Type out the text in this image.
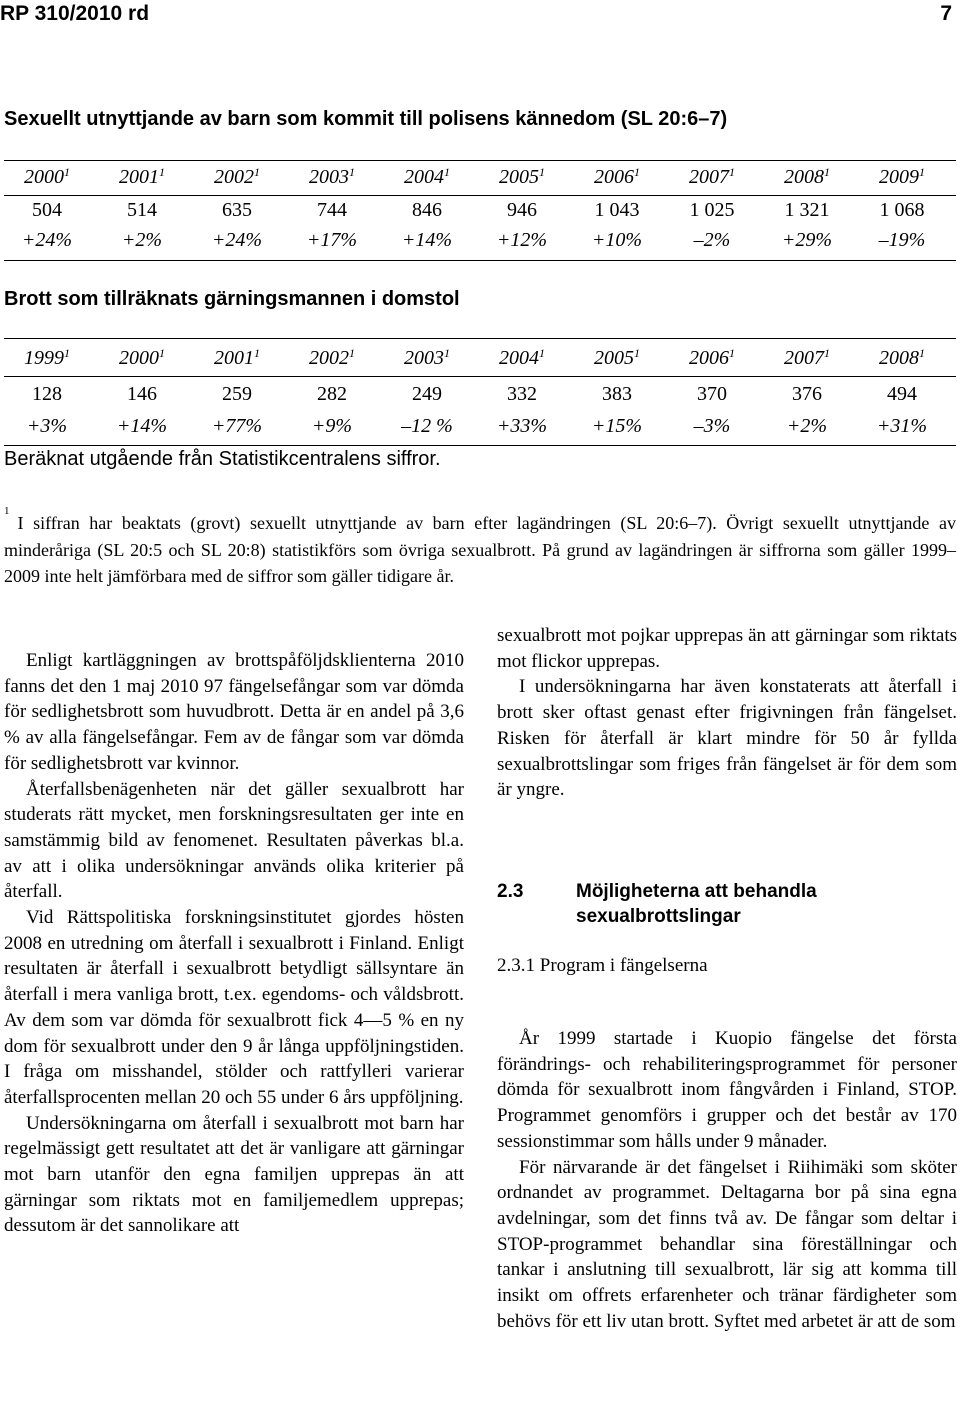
RP 310/2010 rd	7
Sexuellt utnyttjande av barn som kommit till polisens kännedom (SL 20:6–7)
2000$^1$	2001$^1$	2002$^1$	2003$^1$	2004$^1$	2005$^1$	2006$^1$	2007$^1$	2008$^1$	2009$^1$
504	514	635	744	846	946	1 043	1 025	1 321	1 068
+24%	+2%	+24%	+17%	+14%	+12%	+10%	–2%	+29%	–19%
Brott som tillräknats gärningsmannen i domstol
1999$^1$	2000$^1$	2001$^1$	2002$^1$	2003$^1$	2004$^1$	2005$^1$	2006$^1$	2007$^1$	2008$^1$
128	146	259	282	249	332	383	370	376	494
+3%	+14%	+77%	+9%	–12 %	+33%	+15%	–3%	+2%	+31%
Beräknat utgående från Statistikcentralens siffror.
$^1$I siffran har beaktats (grovt) sexuellt utnyttjande av barn efter lagändringen (SL 20:6–7). Övrigt sexuellt utnyttjande av minderåriga (SL 20:5 och SL 20:8) statistikförs som övriga sexualbrott. På grund av lagändringen är siffrorna som gäller 1999–2009 inte helt jämförbara med de siffror som gäller tidigare år.

Enligt kartläggningen av brottspåföljdsklienterna 2010 fanns det den 1 maj 2010 97 fängelsefångar som var dömda för sedlighetsbrott som huvudbrott. Detta är en andel på 3,6 % av alla fängelsefångar. Fem av de fångar som var dömda för sedlighetsbrott var kvinnor.

Återfallsbenägenheten när det gäller sexualbrott har studerats rätt mycket, men forskningsresultaten ger inte en samstämmig bild av fenomenet. Resultaten påverkas bl.a. av att i olika undersökningar används olika kriterier på återfall.

Vid Rättspolitiska forskningsinstitutet gjordes hösten 2008 en utredning om återfall i sexualbrott i Finland. Enligt resultaten är återfall i sexualbrott betydligt sällsyntare än återfall i mera vanliga brott, t.ex. egendoms- och våldsbrott. Av dem som var dömda för sexualbrott fick 4—5 % en ny dom för sexualbrott under den 9 år långa uppföljningstiden. I fråga om misshandel, stölder och rattfylleri varierar återfallsprocenten mellan 20 och 55 under 6 års uppföljning.

Undersökningarna om återfall i sexualbrott mot barn har regelmässigt gett resultatet att det är vanligare att gärningar mot barn utanför den egna familjen upprepas än att gärningar som riktats mot en familjemedlem upprepas; dessutom är det sannolikare att

sexualbrott mot pojkar upprepas än att gärningar som riktats mot flickor upprepas.

I undersökningarna har även konstaterats att återfall i brott sker oftast genast efter frigivningen från fängelset. Risken för återfall är klart mindre för 50 år fyllda sexualbrottslingar som friges från fängelset är för dem som är yngre.

2.3	Möjligheterna att behandla sexualbrottslingar
2.3.1 Program i fängelserna

År 1999 startade i Kuopio fängelse det första förändrings- och rehabiliteringsprogrammet för personer dömda för sexualbrott inom fångvården i Finland, STOP. Programmet genomförs i grupper och det består av 170 sessionstimmar som hålls under 9 månader.

För närvarande är det fängelset i Riihimäki som sköter ordnandet av programmet. Deltagarna bor på sina egna avdelningar, som det finns två av. De fångar som deltar i STOP-programmet behandlar sina föreställningar och tankar i anslutning till sexualbrott, lär sig att komma till insikt om offrets erfarenheter och tränar färdigheter som behövs för ett liv utan brott. Syftet med arbetet är att de som
